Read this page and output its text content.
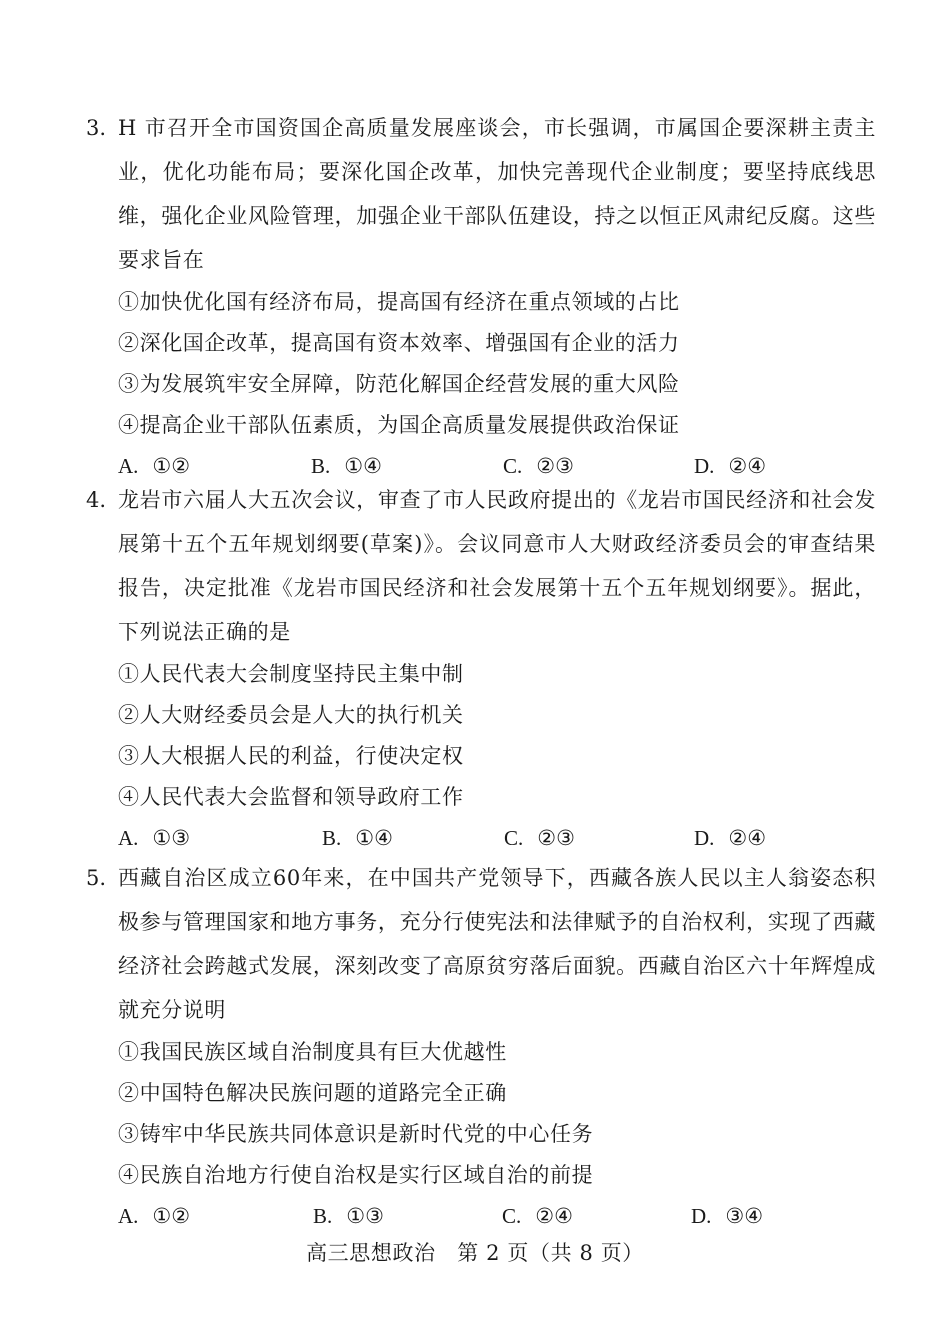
3. H 市召开全市国资国企高质量发展座谈会，市长强调，市属国企要深耕主责主业，优化功能布局；要深化国企改革，加快完善现代企业制度；要坚持底线思维，强化企业风险管理，加强企业干部队伍建设，持之以恒正风肃纪反腐。这些要求旨在
①加快优化国有经济布局，提高国有经济在重点领域的占比
②深化国企改革，提高国有资本效率、增强国有企业的活力
③为发展筑牢安全屏障，防范化解国企经营发展的重大风险
④提高企业干部队伍素质，为国企高质量发展提供政治保证
A. ①②	B. ①④	C. ②③	D. ②④
4. 龙岩市六届人大五次会议，审查了市人民政府提出的《龙岩市国民经济和社会发展第十五个五年规划纲要(草案)》。会议同意市人大财政经济委员会的审查结果报告，决定批准《龙岩市国民经济和社会发展第十五个五年规划纲要》。据此，下列说法正确的是
①人民代表大会制度坚持民主集中制
②人大财经委员会是人大的执行机关
③人大根据人民的利益，行使决定权
④人民代表大会监督和领导政府工作
A. ①③	B. ①④	C. ②③	D. ②④
5. 西藏自治区成立60年来，在中国共产党领导下，西藏各族人民以主人翁姿态积极参与管理国家和地方事务，充分行使宪法和法律赋予的自治权利，实现了西藏经济社会跨越式发展，深刻改变了高原贫穷落后面貌。西藏自治区六十年辉煌成就充分说明
①我国民族区域自治制度具有巨大优越性
②中国特色解决民族问题的道路完全正确
③铸牢中华民族共同体意识是新时代党的中心任务
④民族自治地方行使自治权是实行区域自治的前提
A. ①②	B. ①③	C. ②④	D. ③④
高三思想政治　第 2 页（共 8 页）
